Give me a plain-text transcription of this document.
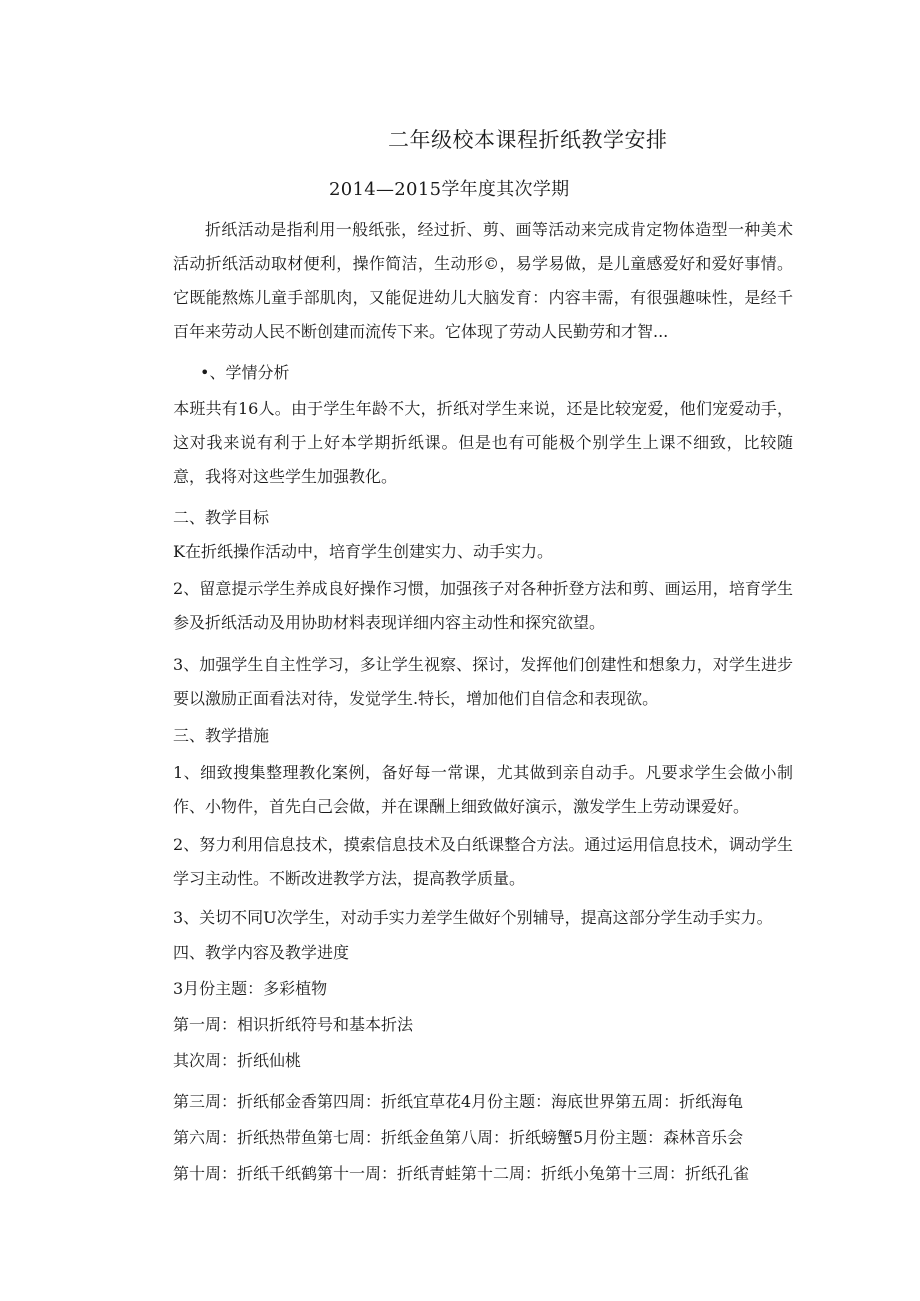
二年级校本课程折纸教学安排
2014—2015学年度其次学期

折纸活动是指利用一般纸张，经过折、剪、画等活动来完成肯定物体造型一种美术活动折纸活动取材便利，操作简洁，生动形©，易学易做，是儿童感爱好和爱好事情。它既能熬炼儿童手部肌肉，又能促进幼儿大脑发育：内容丰需，有很强趣味性，是经千百年来劳动人民不断创建而流传下来。它体现了劳动人民勤劳和才智...

•、学情分析

本班共有16人。由于学生年龄不大，折纸对学生来说，还是比较宠爱，他们宠爱动手，这对我来说有利于上好本学期折纸课。但是也有可能极个别学生上课不细致，比较随意，我将对这些学生加强教化。

二、教学目标
K在折纸操作活动中，培育学生创建实力、动手实力。

2、留意提示学生养成良好操作习惯，加强孩子对各种折登方法和剪、画运用，培育学生参及折纸活动及用协助材料表现详细内容主动性和探究欲望。

3、加强学生自主性学习，多让学生视察、探讨，发挥他们创建性和想象力，对学生进步要以激励正面看法对待，发觉学生.特长，增加他们自信念和表现欲。

三、教学措施

1、细致搜集整理教化案例，备好每一常课，尤其做到亲自动手。凡要求学生会做小制作、小物件，首先白己会做，并在课酬上细致做好演示，激发学生上劳动课爱好。

2、努力利用信息技术，摸索信息技术及白纸课整合方法。通过运用信息技术，调动学生学习主动性。不断改进教学方法，提高教学质量。

3、关切不同U次学生，对动手实力差学生做好个别辅导，提高这部分学生动手实力。
四、教学内容及教学进度
3月份主题：多彩植物
第一周：相识折纸符号和基本折法
其次周：折纸仙桃
第三周：折纸郁金香第四周：折纸宜草花4月份主题：海底世界第五周：折纸海龟
第六周：折纸热带鱼第七周：折纸金鱼第八周：折纸螃蟹5月份主题：森林音乐会
第十周：折纸千纸鹤第十一周：折纸青蛙第十二周：折纸小兔第十三周：折纸孔雀
